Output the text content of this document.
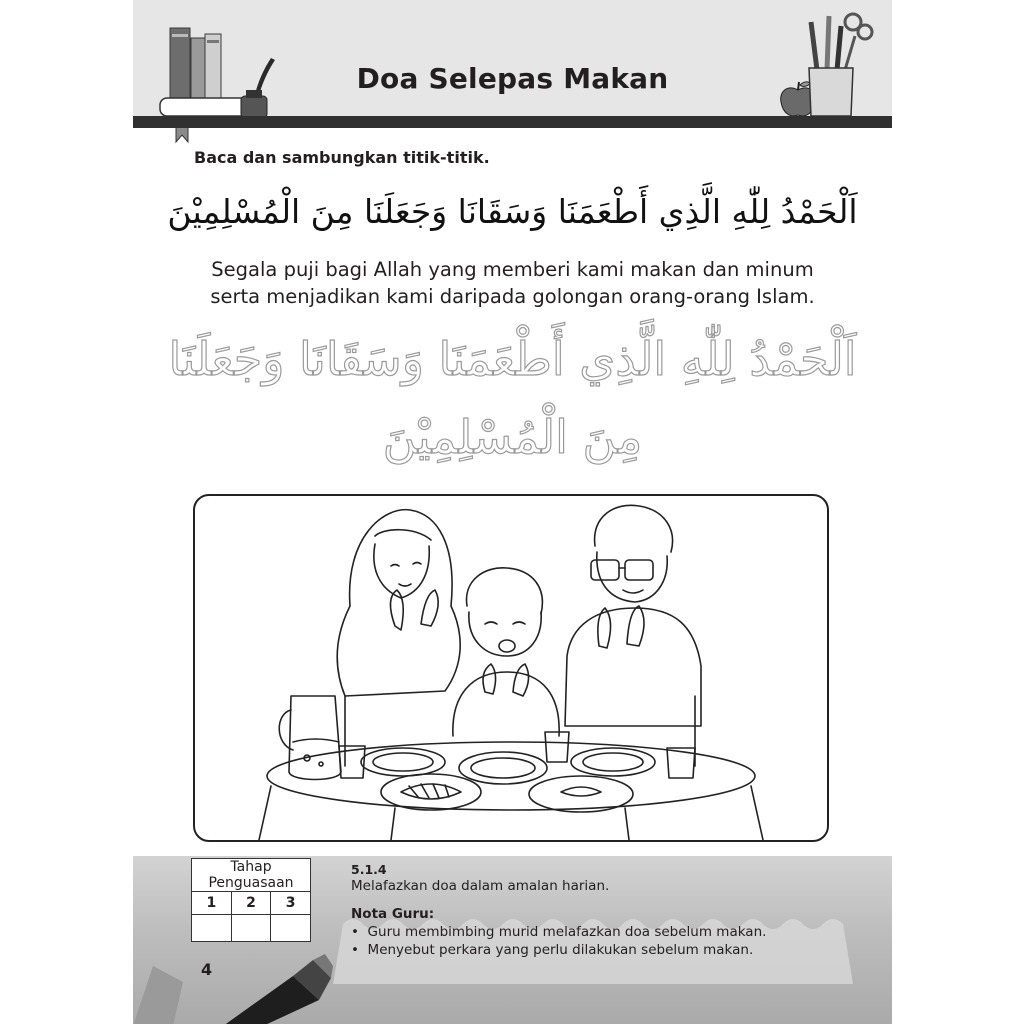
Doa Selepas Makan
Baca dan sambungkan titik-titik.
اَلْحَمْدُ لِلّٰهِ الَّذِي أَطْعَمَنَا وَسَقَانَا وَجَعَلَنَا مِنَ الْمُسْلِمِيْنَ
Segala puji bagi Allah yang memberi kami makan dan minum
serta menjadikan kami daripada golongan orang-orang Islam.
اَلْحَمْدُ لِلّٰهِ الَّذِي أَطْعَمَنَا وَسَقَانَا وَجَعَلَنَا
مِنَ الْمُسْلِمِيْنَ
Tahap Penguasaan		
1	2	3

5.1.4
Melafazkan doa dalam amalan harian.
Nota Guru:
•  Guru membimbing murid melafazkan doa sebelum makan.
•  Menyebut perkara yang perlu dilakukan sebelum makan.
4
